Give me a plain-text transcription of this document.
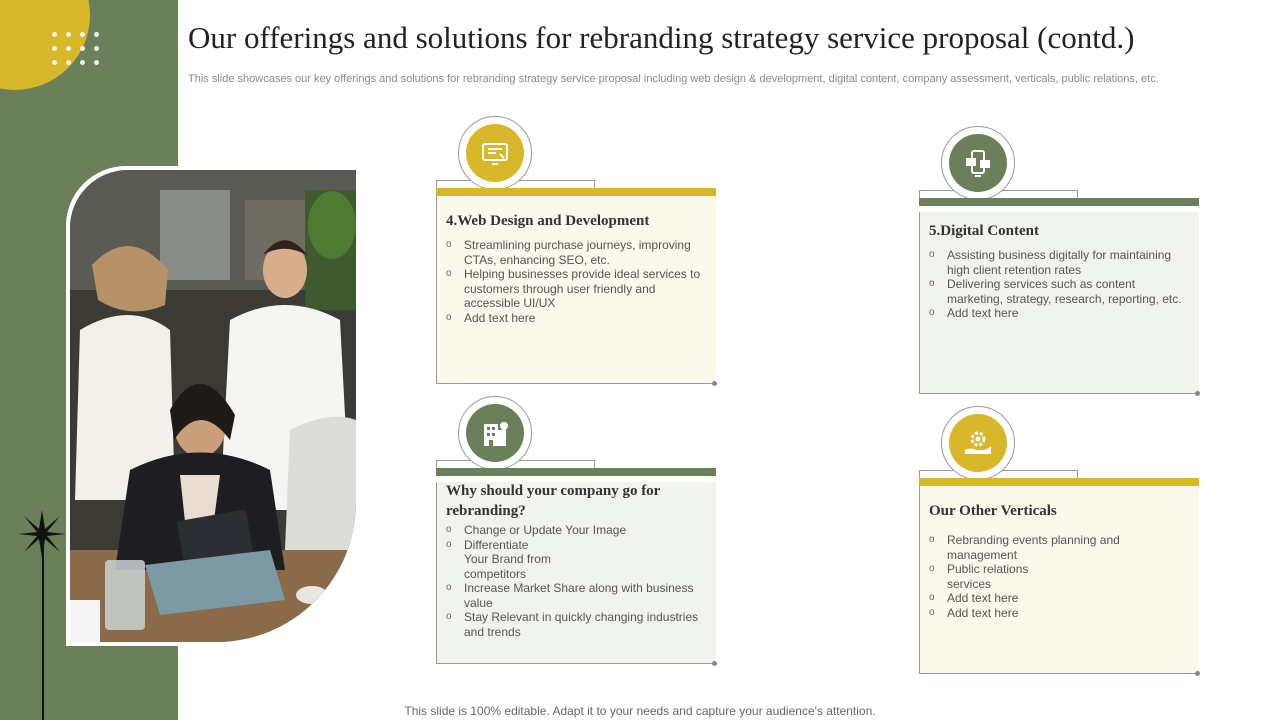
Our offerings and solutions for rebranding strategy service proposal (contd.)
This slide showcases our key offerings and solutions for rebranding strategy service proposal including web design & development, digital content, company assessment, verticals, public relations, etc.
4.Web Design and Development
o Streamlining purchase journeys, improving CTAs, enhancing SEO, etc.
o Helping businesses provide ideal services to customers through user friendly and accessible UI/UX
o Add text here
5.Digital Content
o Assisting business digitally for maintaining high client retention rates
o Delivering services such as content marketing, strategy, research, reporting, etc.
o Add text here
Why should your company go for rebranding?
o Change or Update Your Image
o Differentiate Your Brand from competitors
o Increase Market Share along with business value
o Stay Relevant in quickly changing industries and trends
Our Other Verticals
o Rebranding events planning and management
o Public relations services
o Add text here
o Add text here
This slide is 100% editable. Adapt it to your needs and capture your audience's attention.
